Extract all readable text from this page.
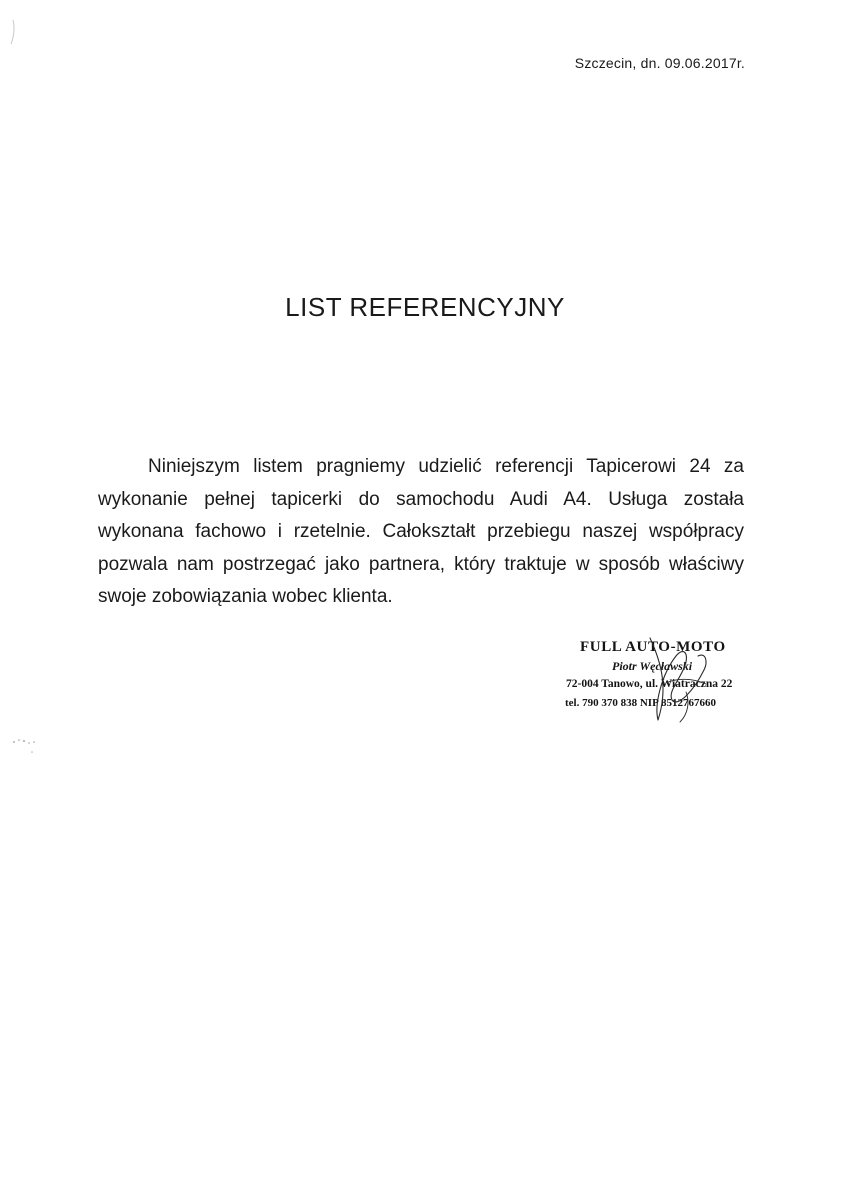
Szczecin, dn. 09.06.2017r.
LIST REFERENCYJNY

Niniejszym listem pragniemy udzielić referencji Tapicerowi 24 za wykonanie pełnej tapicerki do samochodu Audi A4. Usługa została wykonana fachowo i rzetelnie. Całokształt przebiegu naszej współpracy pozwala nam postrzegać jako partnera, który traktuje w sposób właściwy swoje zobowiązania wobec klienta.

FULL AUTO-MOTO
Piotr Węcławski
72-004 Tanowo, ul. Wiatraczna 22
tel. 790 370 838 NIP 8512767660
